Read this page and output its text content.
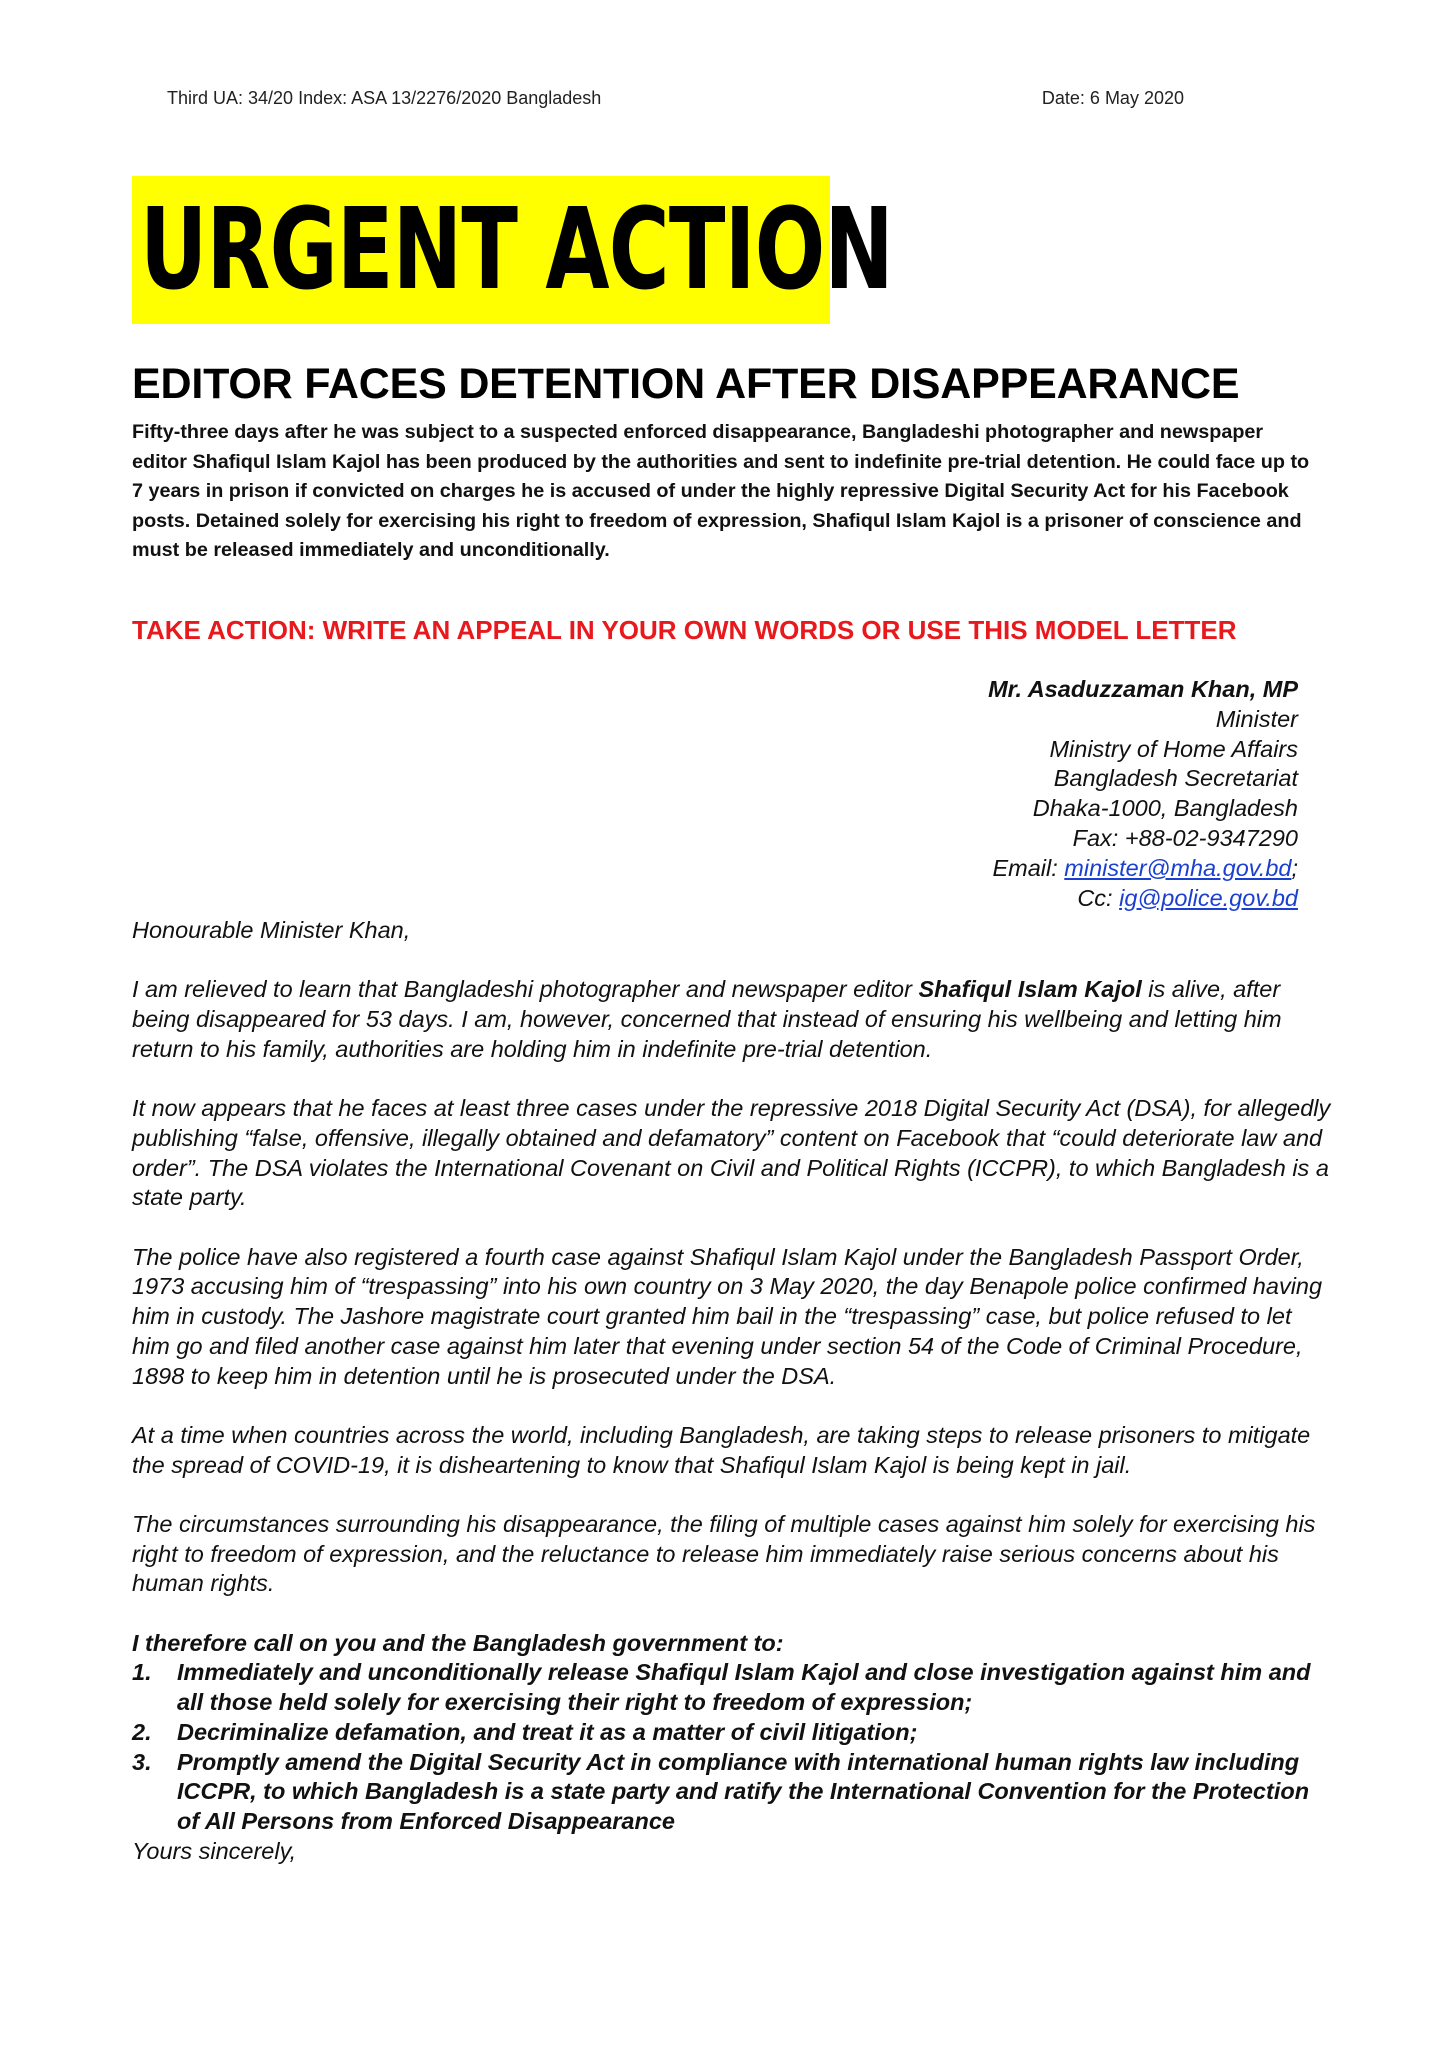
Third UA: 34/20 Index: ASA 13/2276/2020 Bangladesh	Date: 6 May 2020
URGENT ACTION
EDITOR FACES DETENTION AFTER DISAPPEARANCE

Fifty-three days after he was subject to a suspected enforced disappearance, Bangladeshi photographer and newspaper editor Shafiqul Islam Kajol has been produced by the authorities and sent to indefinite pre-trial detention. He could face up to 7 years in prison if convicted on charges he is accused of under the highly repressive Digital Security Act for his Facebook posts. Detained solely for exercising his right to freedom of expression, Shafiqul Islam Kajol is a prisoner of conscience and must be released immediately and unconditionally.

TAKE ACTION: WRITE AN APPEAL IN YOUR OWN WORDS OR USE THIS MODEL LETTER
Mr. Asaduzzaman Khan, MP
Minister
Ministry of Home Affairs
Bangladesh Secretariat
Dhaka-1000, Bangladesh
Fax: +88-02-9347290
Email: minister@mha.gov.bd;
Cc: ig@police.gov.bd

Honourable Minister Khan,

I am relieved to learn that Bangladeshi photographer and newspaper editor Shafiqul Islam Kajol is alive, after being disappeared for 53 days. I am, however, concerned that instead of ensuring his wellbeing and letting him return to his family, authorities are holding him in indefinite pre-trial detention.

It now appears that he faces at least three cases under the repressive 2018 Digital Security Act (DSA), for allegedly publishing “false, offensive, illegally obtained and defamatory” content on Facebook that “could deteriorate law and order”. The DSA violates the International Covenant on Civil and Political Rights (ICCPR), to which Bangladesh is a state party.

The police have also registered a fourth case against Shafiqul Islam Kajol under the Bangladesh Passport Order, 1973 accusing him of “trespassing” into his own country on 3 May 2020, the day Benapole police confirmed having him in custody. The Jashore magistrate court granted him bail in the “trespassing” case, but police refused to let him go and filed another case against him later that evening under section 54 of the Code of Criminal Procedure, 1898 to keep him in detention until he is prosecuted under the DSA.

At a time when countries across the world, including Bangladesh, are taking steps to release prisoners to mitigate the spread of COVID-19, it is disheartening to know that Shafiqul Islam Kajol is being kept in jail.

The circumstances surrounding his disappearance, the filing of multiple cases against him solely for exercising his right to freedom of expression, and the reluctance to release him immediately raise serious concerns about his human rights.

I therefore call on you and the Bangladesh government to:

1.	Immediately and unconditionally release Shafiqul Islam Kajol and close investigation against him and all those held solely for exercising their right to freedom of expression;
2.	Decriminalize defamation, and treat it as a matter of civil litigation;
3.	Promptly amend the Digital Security Act in compliance with international human rights law including ICCPR, to which Bangladesh is a state party and ratify the International Convention for the Protection of All Persons from Enforced Disappearance

Yours sincerely,
